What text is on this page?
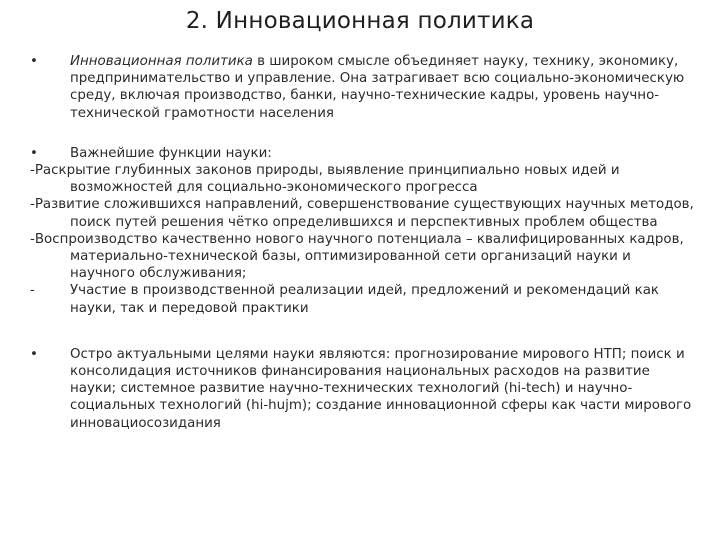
2. Инновационная политика
•	Инновационная политика в широком смысле объединяет науку, технику, экономику, предпринимательство и управление. Она затрагивает всю социально-экономическую среду, включая производство, банки, научно-технические кадры, уровень научно-технической грамотности населения
•	Важнейшие функции науки:
-Раскрытие глубинных законов природы, выявление принципиально новых идей и возможностей для социально-экономического прогресса
-Развитие сложившихся направлений, совершенствование существующих научных методов, поиск путей решения чётко определившихся и перспективных проблем общества
-Воспроизводство качественно нового научного потенциала – квалифицированных кадров, материально-технической базы, оптимизированной сети организаций науки и научного обслуживания;
-	Участие в производственной реализации идей, предложений и рекомендаций как науки, так и передовой практики
•	Остро актуальными целями науки являются: прогнозирование мирового НТП; поиск и консолидация источников финансирования национальных расходов на развитие науки; системное развитие научно-технических технологий (hi-tech) и научно-социальных технологий (hi-hujm); создание инновационной сферы как части мирового инновациосозидания
